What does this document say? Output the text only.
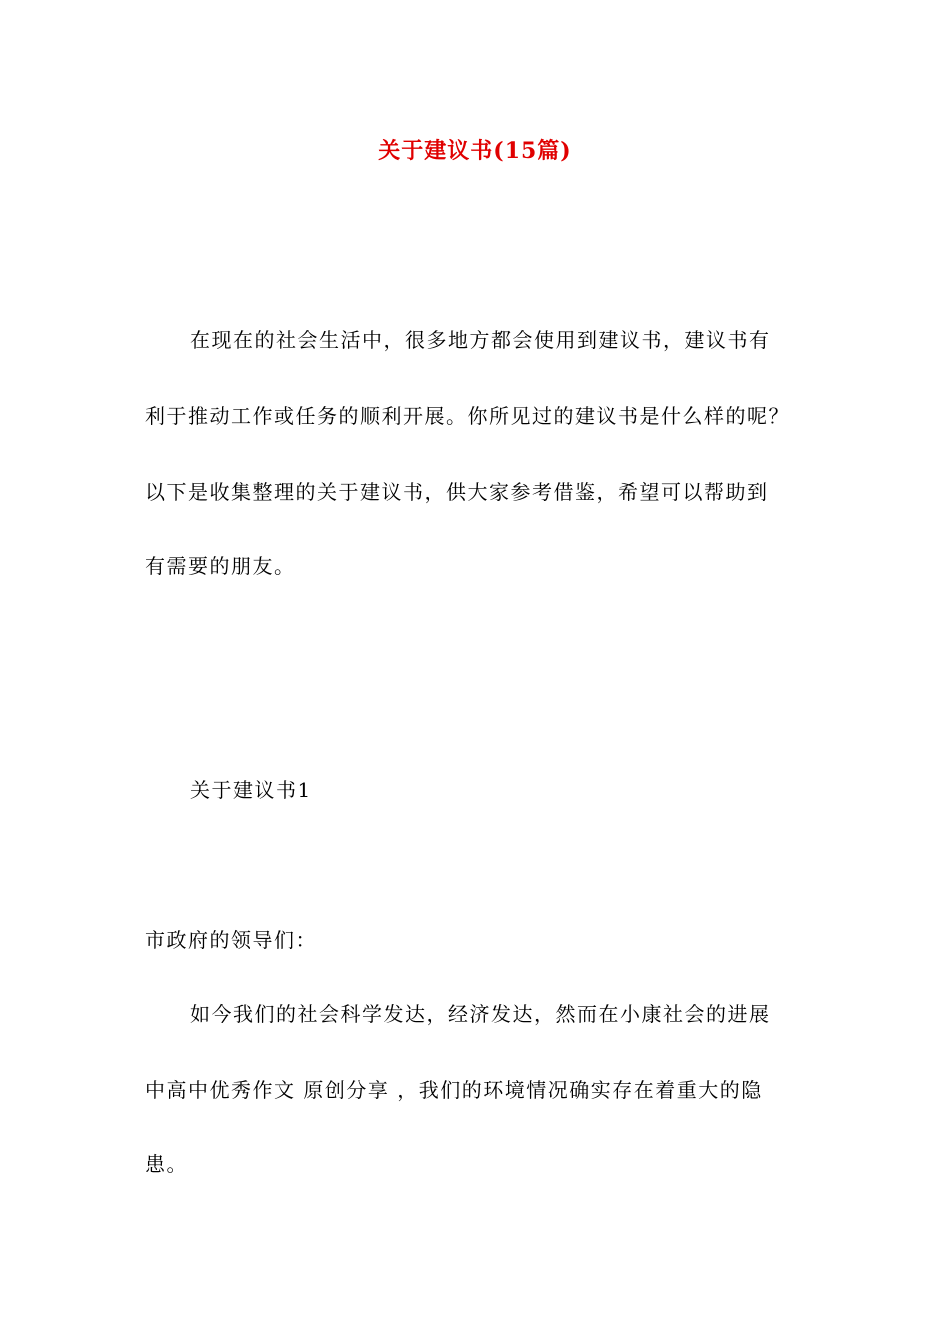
关于建议书(15篇)
在现在的社会生活中，很多地方都会使用到建议书，建议书有
利于推动工作或任务的顺利开展。你所见过的建议书是什么样的呢？
以下是收集整理的关于建议书，供大家参考借鉴，希望可以帮助到
有需要的朋友。
关于建议书1
市政府的领导们：
如今我们的社会科学发达，经济发达，然而在小康社会的进展
中高中优秀作文 原创分享 ，我们的环境情况确实存在着重大的隐
患。
